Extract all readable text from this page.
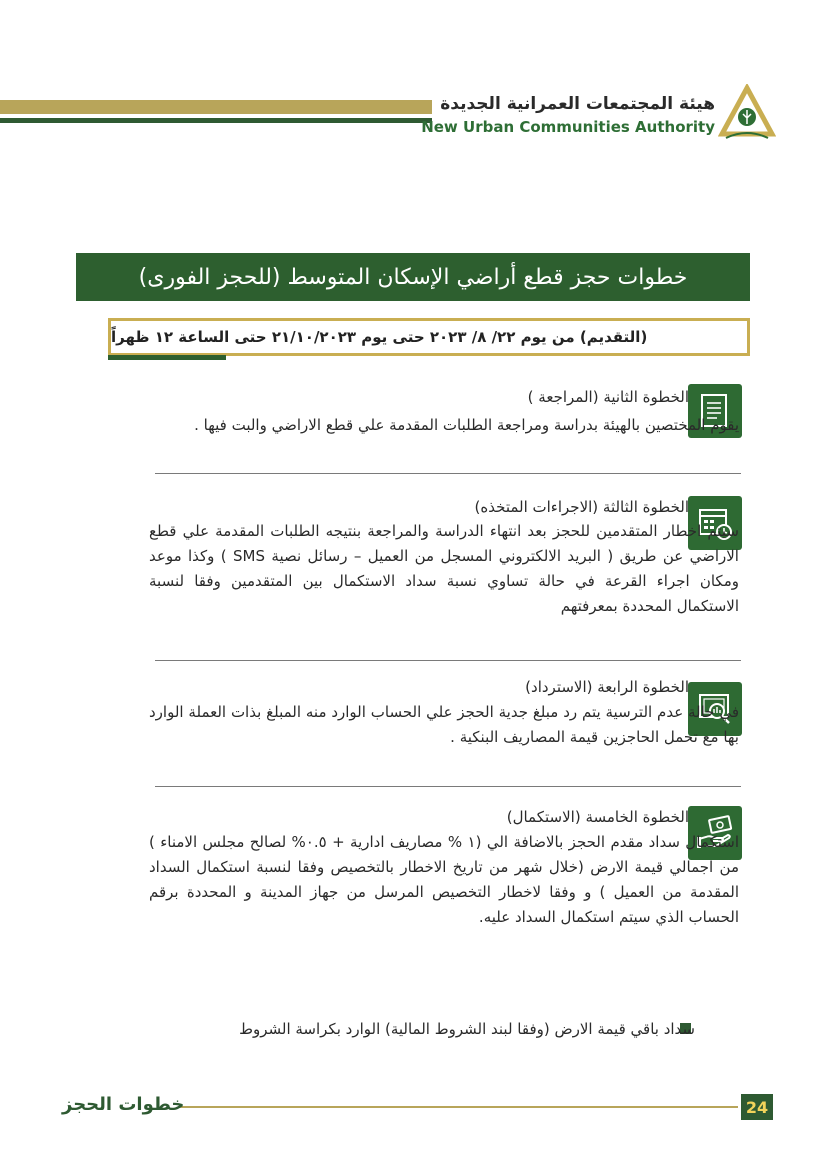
هيئة المجتمعات العمرانية الجديدة
New Urban Communities Authority
خطوات حجز قطع أراضي الإسكان المتوسط (للحجز الفورى)
(التقديم) من يوم ٢٢/ ٨/ ٢٠٢٣ حتى يوم ٢١/١٠/٢٠٢٣ حتى الساعة ١٢ ظهراً
الخطوة الثانية (المراجعة )
يقوم المختصين بالهيئة بدراسة ومراجعة الطلبات المقدمة علي قطع الاراضي والبت فيها .
الخطوة الثالثة (الاجراءات المتخذه)
سيتم اخطار المتقدمين للحجز بعد انتهاء الدراسة والمراجعة بنتيجه الطلبات المقدمة علي قطع الاراضي عن طريق ( البريد الالكتروني المسجل من العميل – رسائل نصية SMS ) وكذا موعد ومكان اجراء القرعة في حالة تساوي نسبة سداد الاستكمال بين المتقدمين وفقا لنسبة الاستكمال المحددة بمعرفتهم
الخطوة الرابعة (الاسترداد)
في حالة عدم الترسية يتم رد مبلغ جدية الحجز علي الحساب الوارد منه المبلغ بذات العملة الوارد بها مع تحمل الحاجزين قيمة المصاريف البنكية .
الخطوة الخامسة (الاستكمال)
استكمال سداد مقدم الحجز بالاضافة الي (١ % مصاريف ادارية + ٠.٥% لصالح مجلس الامناء ) من اجمالي قيمة الارض (خلال شهر من تاريخ الاخطار بالتخصيص وفقا لنسبة استكمال السداد المقدمة من العميل ) و وفقا لاخطار التخصيص المرسل من جهاز المدينة و المحددة برقم الحساب الذي سيتم استكمال السداد عليه.
سداد باقي قيمة الارض (وفقا لبند الشروط المالية) الوارد بكراسة الشروط
خطوات الحجز	24
